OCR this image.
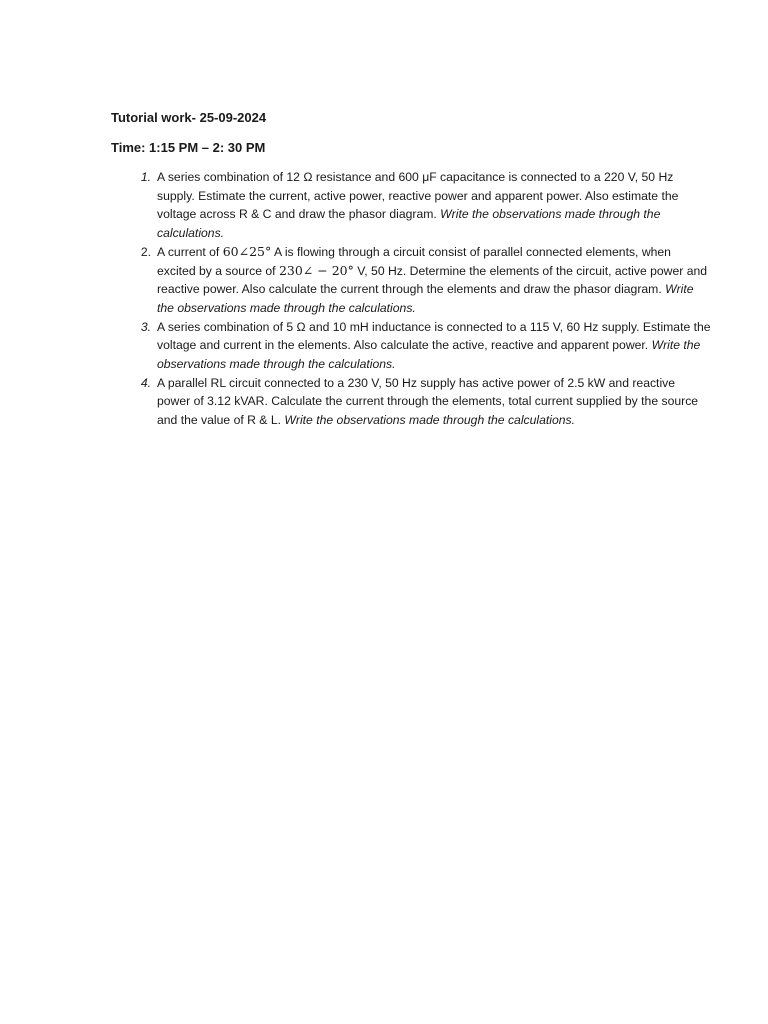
Tutorial work- 25-09-2024

Time: 1:15 PM – 2: 30 PM

1. A series combination of 12 Ω resistance and 600 μF capacitance is connected to a 220 V, 50 Hz supply. Estimate the current, active power, reactive power and apparent power. Also estimate the voltage across R & C and draw the phasor diagram. Write the observations made through the calculations.
2. A current of 60∠25° A is flowing through a circuit consist of parallel connected elements, when excited by a source of 230∠ − 20° V, 50 Hz. Determine the elements of the circuit, active power and reactive power. Also calculate the current through the elements and draw the phasor diagram. Write the observations made through the calculations.
3. A series combination of 5 Ω and 10 mH inductance is connected to a 115 V, 60 Hz supply. Estimate the voltage and current in the elements. Also calculate the active, reactive and apparent power. Write the observations made through the calculations.
4. A parallel RL circuit connected to a 230 V, 50 Hz supply has active power of 2.5 kW and reactive power of 3.12 kVAR. Calculate the current through the elements, total current supplied by the source and the value of R & L. Write the observations made through the calculations.
